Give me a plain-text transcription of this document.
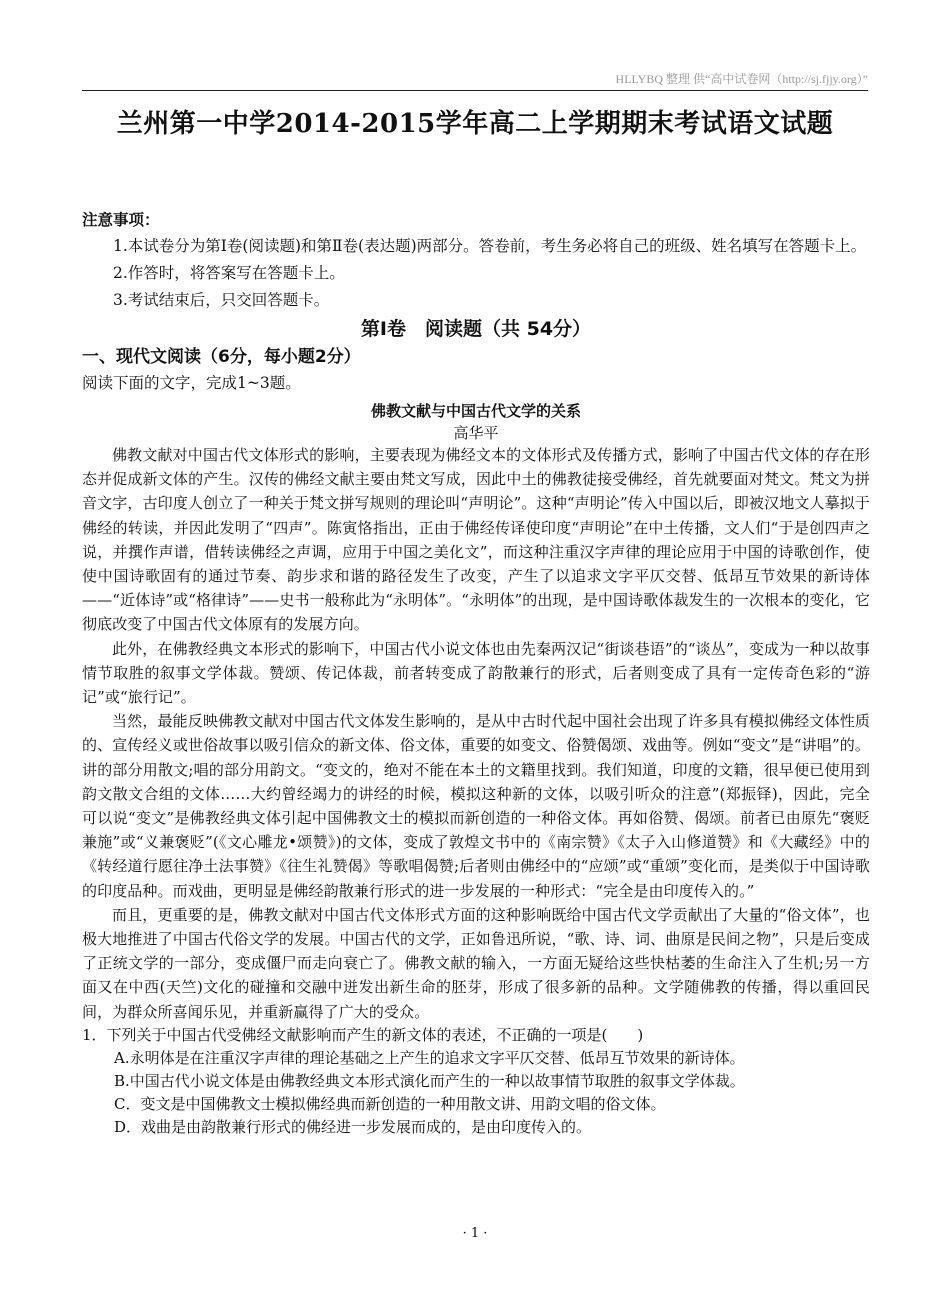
HLLYBQ 整理 供“高中试卷网（http://sj.fjjy.org）”
兰州第一中学2014-2015学年高二上学期期末考试语文试题
注意事项：

1.本试卷分为第Ⅰ卷(阅读题)和第Ⅱ卷(表达题)两部分。答卷前，考生务必将自己的班级、姓名填写在答题卡上。

2.作答时，将答案写在答题卡上。

3.考试结束后，只交回答题卡。

第Ⅰ卷　阅读题（共 54分）
一、现代文阅读（6分，每小题2分）
阅读下面的文字，完成1~3题。
佛教文献与中国古代文学的关系
高华平

佛教文献对中国古代文体形式的影响，主要表现为佛经文本的文体形式及传播方式，影响了中国古代文体的存在形态并促成新文体的产生。汉传的佛经文献主要由梵文写成，因此中土的佛教徒接受佛经，首先就要面对梵文。梵文为拼音文字，古印度人创立了一种关于梵文拼写规则的理论叫“声明论”。这种“声明论”传入中国以后，即被汉地文人摹拟于佛经的转读，并因此发明了“四声”。陈寅恪指出，正由于佛经传译使印度“声明论”在中土传播，文人们“于是创四声之说，并撰作声谱，借转读佛经之声调，应用于中国之美化文”，而这种注重汉字声律的理论应用于中国的诗歌创作，使使中国诗歌固有的通过节奏、韵步求和谐的路径发生了改变，产生了以追求文字平仄交替、低昂互节效果的新诗体——“近体诗”或“格律诗”——史书一般称此为“永明体”。“永明体”的出现，是中国诗歌体裁发生的一次根本的变化，它彻底改变了中国古代文体原有的发展方向。

此外，在佛教经典文本形式的影响下，中国古代小说文体也由先秦两汉记“街谈巷语”的“谈丛”，变成为一种以故事情节取胜的叙事文学体裁。赞颂、传记体裁，前者转变成了韵散兼行的形式，后者则变成了具有一定传奇色彩的“游记”或“旅行记”。

当然，最能反映佛教文献对中国古代文体发生影响的，是从中古时代起中国社会出现了许多具有模拟佛经文体性质的、宣传经义或世俗故事以吸引信众的新文体、俗文体，重要的如变文、俗赞偈颂、戏曲等。例如“变文”是“讲唱”的。讲的部分用散文;唱的部分用韵文。“变文的，绝对不能在本土的文籍里找到。我们知道，印度的文籍，很早便已使用到韵文散文合组的文体……大约曾经竭力的讲经的时候，模拟这种新的文体，以吸引听众的注意”(郑振铎)，因此，完全可以说“变文”是佛教经典文体引起中国佛教文士的模拟而新创造的一种俗文体。再如俗赞、偈颂。前者已由原先“褒贬兼施”或“义兼褒贬”(《文心雕龙•颂赞》)的文体，变成了敦煌文书中的《南宗赞》《太子入山修道赞》和《大藏经》中的《转经道行愿往净土法事赞》《往生礼赞偈》等歌唱偈赞;后者则由佛经中的“应颂”或“重颂”变化而，是类似于中国诗歌的印度品种。而戏曲，更明显是佛经韵散兼行形式的进一步发展的一种形式：“完全是由印度传入的。”

而且，更重要的是，佛教文献对中国古代文体形式方面的这种影响既给中国古代文学贡献出了大量的“俗文体”，也极大地推进了中国古代俗文学的发展。中国古代的文学，正如鲁迅所说，“歌、诗、词、曲原是民间之物”，只是后变成了正统文学的一部分，变成僵尸而走向衰亡了。佛教文献的输入，一方面无疑给这些快枯萎的生命注入了生机;另一方面又在中西(天竺)文化的碰撞和交融中迸发出新生命的胚芽，形成了很多新的品种。文学随佛教的传播，得以重回民间，为群众所喜闻乐见，并重新赢得了广大的受众。

1．下列关于中国古代受佛经文献影响而产生的新文体的表述，不正确的一项是(　　)

A.永明体是在注重汉字声律的理论基础之上产生的追求文字平仄交替、低昂互节效果的新诗体。

B.中国古代小说文体是由佛教经典文本形式演化而产生的一种以故事情节取胜的叙事文学体裁。

C．变文是中国佛教文士模拟佛经典而新创造的一种用散文讲、用韵文唱的俗文体。

D．戏曲是由韵散兼行形式的佛经进一步发展而成的，是由印度传入的。

· 1 ·
